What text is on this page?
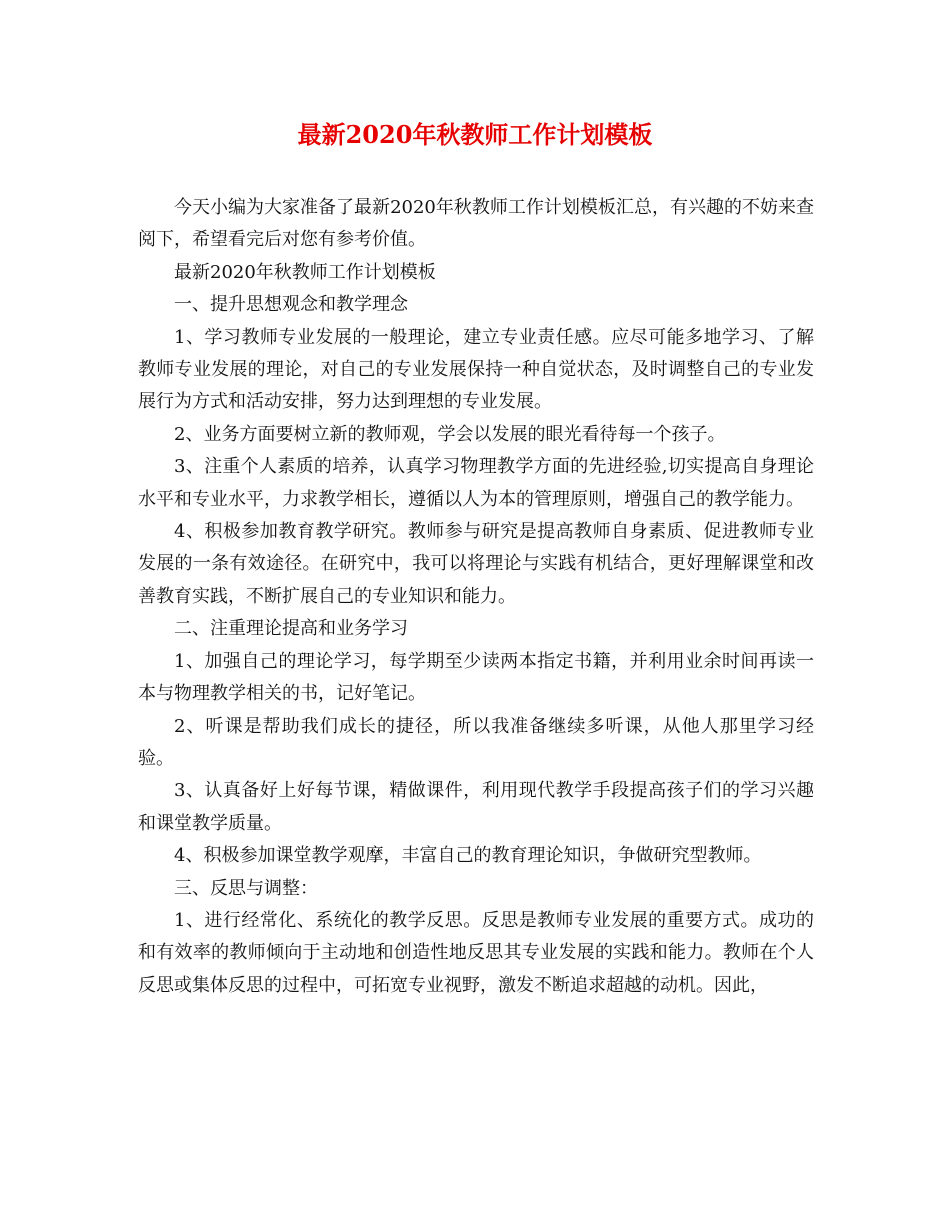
最新2020年秋教师工作计划模板

今天小编为大家准备了最新2020年秋教师工作计划模板汇总，有兴趣的不妨来查阅下，希望看完后对您有参考价值。

最新2020年秋教师工作计划模板

一、提升思想观念和教学理念

1、学习教师专业发展的一般理论，建立专业责任感。应尽可能多地学习、了解教师专业发展的理论，对自己的专业发展保持一种自觉状态，及时调整自己的专业发展行为方式和活动安排，努力达到理想的专业发展。

2、业务方面要树立新的教师观，学会以发展的眼光看待每一个孩子。

3、注重个人素质的培养，认真学习物理教学方面的先进经验,切实提高自身理论水平和专业水平，力求教学相长，遵循以人为本的管理原则，增强自己的教学能力。

4、积极参加教育教学研究。教师参与研究是提高教师自身素质、促进教师专业发展的一条有效途径。在研究中，我可以将理论与实践有机结合，更好理解课堂和改善教育实践，不断扩展自己的专业知识和能力。

二、注重理论提高和业务学习

1、加强自己的理论学习，每学期至少读两本指定书籍，并利用业余时间再读一本与物理教学相关的书，记好笔记。

2、听课是帮助我们成长的捷径，所以我准备继续多听课，从他人那里学习经验。

3、认真备好上好每节课，精做课件，利用现代教学手段提高孩子们的学习兴趣和课堂教学质量。

4、积极参加课堂教学观摩，丰富自己的教育理论知识，争做研究型教师。

三、反思与调整：

1、进行经常化、系统化的教学反思。反思是教师专业发展的重要方式。成功的和有效率的教师倾向于主动地和创造性地反思其专业发展的实践和能力。教师在个人反思或集体反思的过程中，可拓宽专业视野，激发不断追求超越的动机。因此，
